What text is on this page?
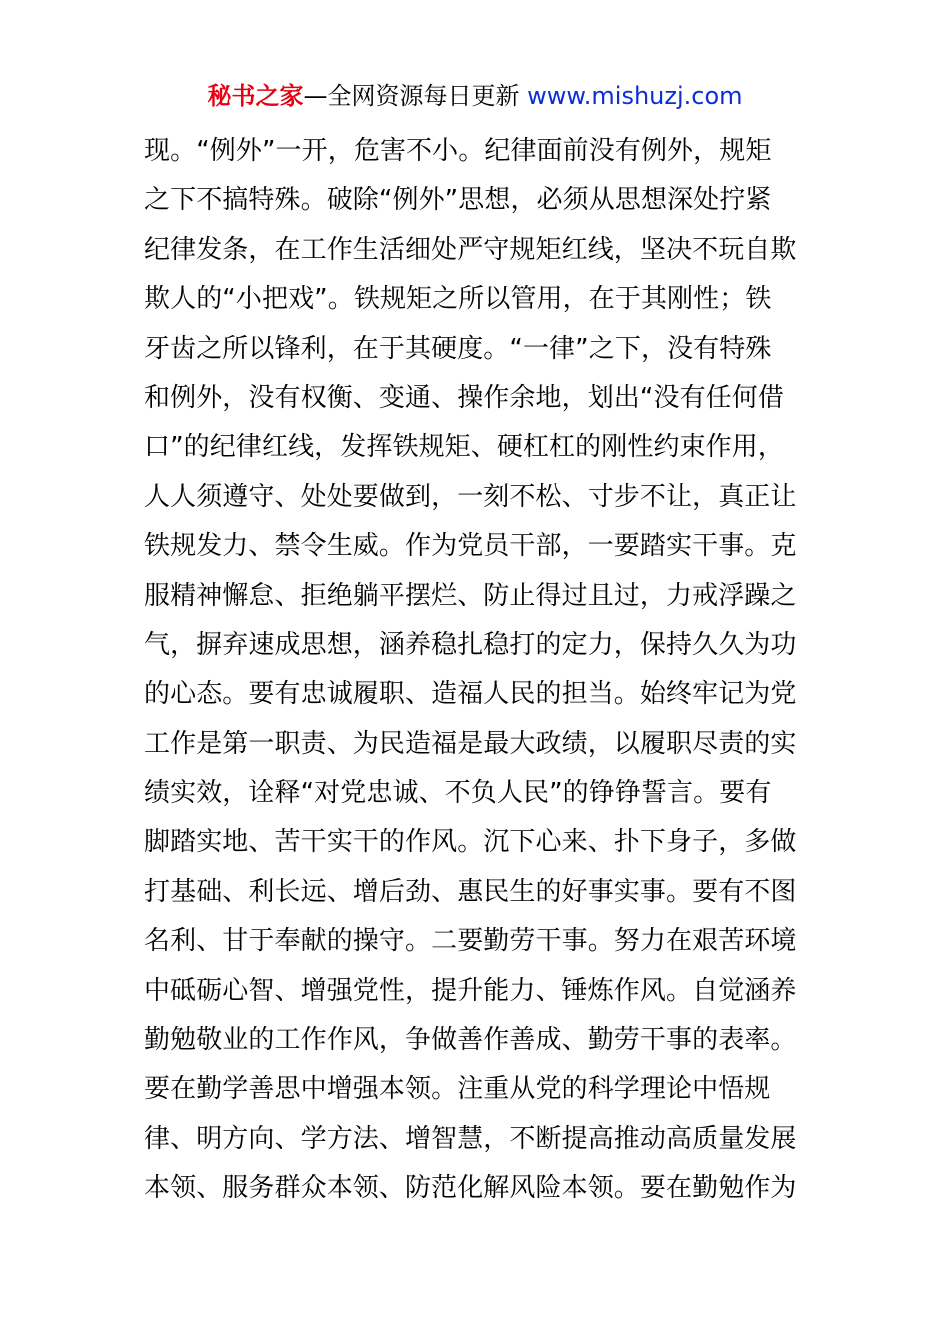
秘书之家—全网资源每日更新 www.mishuzj.com
现。“例外”一开，危害不小。纪律面前没有例外，规矩
之下不搞特殊。破除“例外”思想，必须从思想深处拧紧
纪律发条，在工作生活细处严守规矩红线，坚决不玩自欺
欺人的“小把戏”。铁规矩之所以管用，在于其刚性；铁
牙齿之所以锋利，在于其硬度。“一律”之下，没有特殊
和例外，没有权衡、变通、操作余地，划出“没有任何借
口”的纪律红线，发挥铁规矩、硬杠杠的刚性约束作用，
人人须遵守、处处要做到，一刻不松、寸步不让，真正让
铁规发力、禁令生威。作为党员干部，一要踏实干事。克
服精神懈怠、拒绝躺平摆烂、防止得过且过，力戒浮躁之
气，摒弃速成思想，涵养稳扎稳打的定力，保持久久为功
的心态。要有忠诚履职、造福人民的担当。始终牢记为党
工作是第一职责、为民造福是最大政绩，以履职尽责的实
绩实效，诠释“对党忠诚、不负人民”的铮铮誓言。要有
脚踏实地、苦干实干的作风。沉下心来、扑下身子，多做
打基础、利长远、增后劲、惠民生的好事实事。要有不图
名利、甘于奉献的操守。二要勤劳干事。努力在艰苦环境
中砥砺心智、增强党性，提升能力、锤炼作风。自觉涵养
勤勉敬业的工作作风，争做善作善成、勤劳干事的表率。
要在勤学善思中增强本领。注重从党的科学理论中悟规
律、明方向、学方法、增智慧，不断提高推动高质量发展
本领、服务群众本领、防范化解风险本领。要在勤勉作为
